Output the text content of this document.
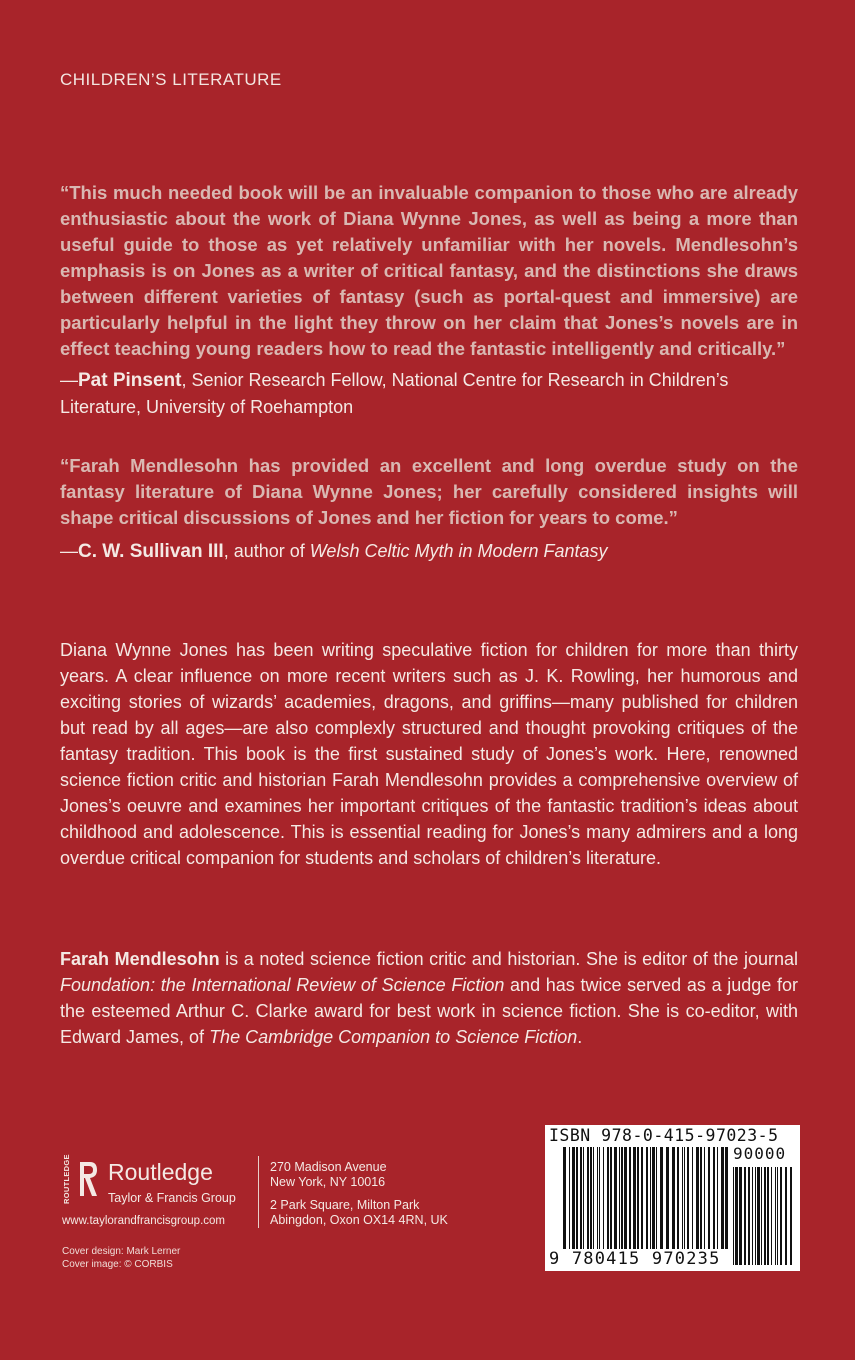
CHILDREN’S LITERATURE

“This much needed book will be an invaluable companion to those who are already enthusiastic about the work of Diana Wynne Jones, as well as being a more than useful guide to those as yet relatively unfamiliar with her novels. Mendlesohn’s emphasis is on Jones as a writer of critical fantasy, and the distinctions she draws between different varieties of fantasy (such as portal-quest and immersive) are particularly helpful in the light they throw on her claim that Jones’s novels are in effect teaching young readers how to read the fantastic intelligently and critically.”

—Pat Pinsent, Senior Research Fellow, National Centre for Research in Children’s Literature, University of Roehampton

“Farah Mendlesohn has provided an excellent and long overdue study on the fantasy literature of Diana Wynne Jones; her carefully considered insights will shape critical discussions of Jones and her fiction for years to come.”

—C. W. Sullivan III, author of Welsh Celtic Myth in Modern Fantasy

Diana Wynne Jones has been writing speculative fiction for children for more than thirty years. A clear influence on more recent writers such as J. K. Rowling, her humorous and exciting stories of wizards’ academies, dragons, and griffins—many published for children but read by all ages—are also complexly structured and thought provoking critiques of the fantasy tradition. This book is the first sustained study of Jones’s work. Here, renowned science fiction critic and historian Farah Mendlesohn provides a comprehensive overview of Jones’s oeuvre and examines her important critiques of the fantastic tradition’s ideas about childhood and adolescence. This is essential reading for Jones’s many admirers and a long overdue critical companion for students and scholars of children’s literature.

Farah Mendlesohn is a noted science fiction critic and historian. She is editor of the journal Foundation: the International Review of Science Fiction and has twice served as a judge for the esteemed Arthur C. Clarke award for best work in science fiction. She is co-editor, with Edward James, of The Cambridge Companion to Science Fiction.

ROUTLEDGE Routledge
Taylor & Francis Group
www.taylorandfrancisgroup.com
270 Madison Avenue
New York, NY 10016
2 Park Square, Milton Park
Abingdon, Oxon OX14 4RN, UK
Cover design: Mark Lerner
Cover image: © CORBIS
ISBN 978-0-415-97023-5
90000
9 780415 970235
